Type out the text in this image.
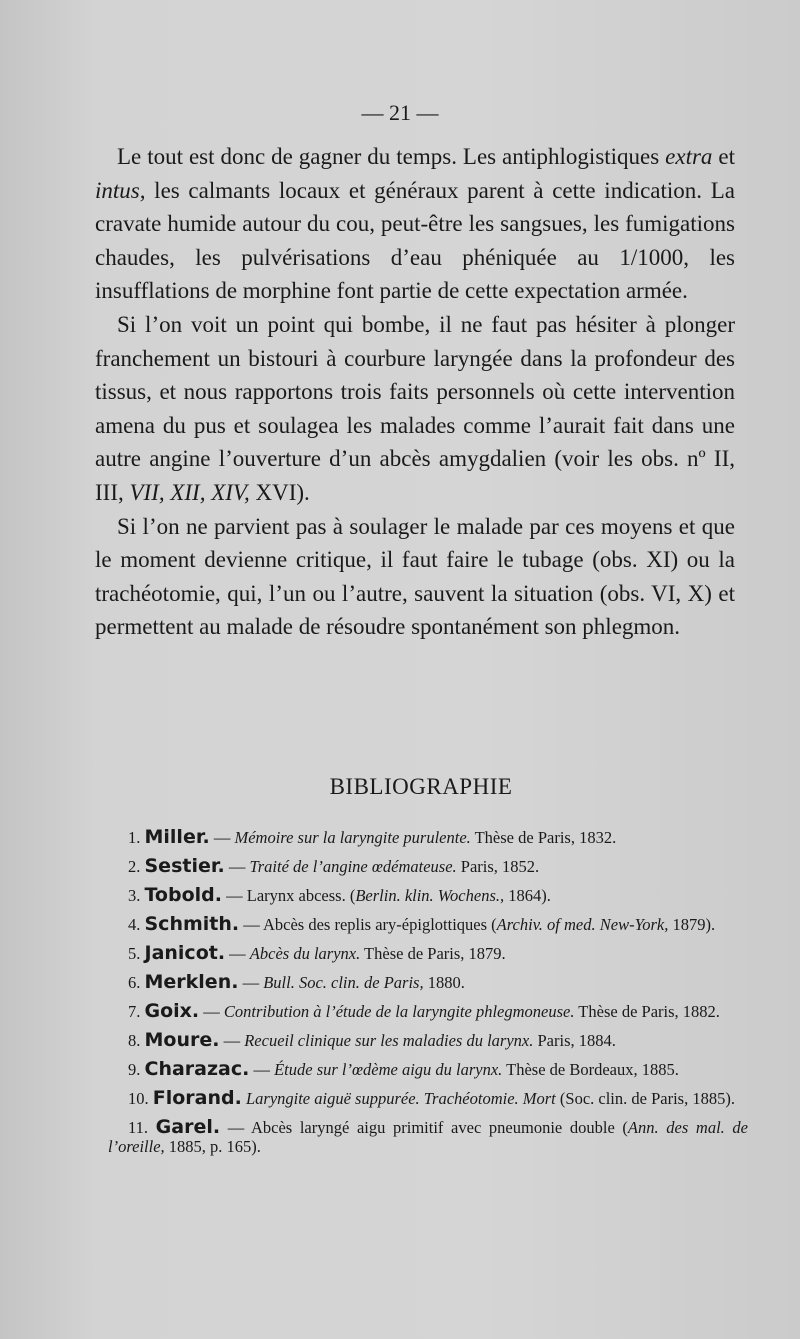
— 21 —

Le tout est donc de gagner du temps. Les antiphlogistiques extra et intus, les calmants locaux et généraux parent à cette indication. La cravate humide autour du cou, peut-être les sangsues, les fumigations chaudes, les pulvérisations d’eau phéniquée au 1/1000, les insufflations de morphine font partie de cette expectation armée.

Si l’on voit un point qui bombe, il ne faut pas hésiter à plonger franchement un bistouri à courbure laryngée dans la profondeur des tissus, et nous rapportons trois faits personnels où cette intervention amena du pus et soulagea les malades comme l’aurait fait dans une autre angine l’ouverture d’un abcès amygdalien (voir les obs. nº II, III, VII, XII, XIV, XVI).

Si l’on ne parvient pas à soulager le malade par ces moyens et que le moment devienne critique, il faut faire le tubage (obs. XI) ou la trachéotomie, qui, l’un ou l’autre, sauvent la situation (obs. VI, X) et permettent au malade de résoudre spontanément son phlegmon.

BIBLIOGRAPHIE

1. Miller. — Mémoire sur la laryngite purulente. Thèse de Paris, 1832.

2. Sestier. — Traité de l’angine œdémateuse. Paris, 1852.

3. Tobold. — Larynx abcess. (Berlin. klin. Wochens., 1864).

4. Schmith. — Abcès des replis ary-épiglottiques (Archiv. of med. New-York, 1879).

5. Janicot. — Abcès du larynx. Thèse de Paris, 1879.

6. Merklen. — Bull. Soc. clin. de Paris, 1880.

7. Goix. — Contribution à l’étude de la laryngite phlegmoneuse. Thèse de Paris, 1882.

8. Moure. — Recueil clinique sur les maladies du larynx. Paris, 1884.

9. Charazac. — Étude sur l’œdème aigu du larynx. Thèse de Bordeaux, 1885.

10. Florand. Laryngite aiguë suppurée. Trachéotomie. Mort (Soc. clin. de Paris, 1885).

11. Garel. — Abcès laryngé aigu primitif avec pneumonie double (Ann. des mal. de l’oreille, 1885, p. 165).
